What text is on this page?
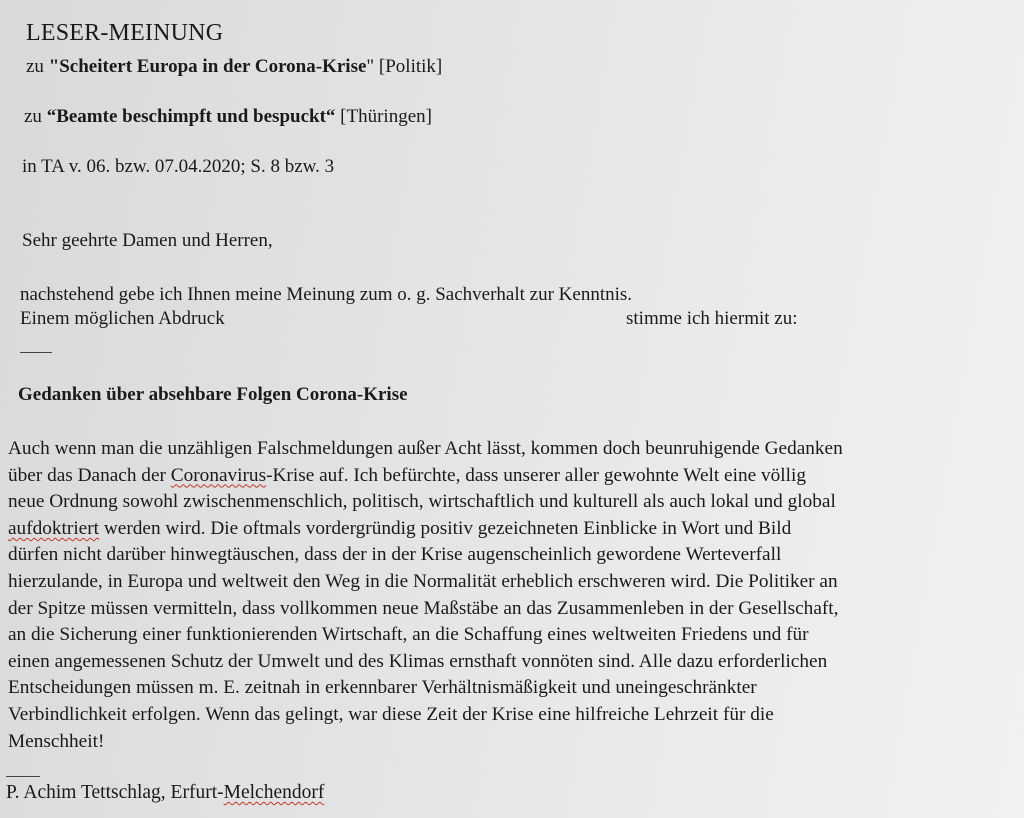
LESER-MEINUNG
zu "Scheitert Europa in der Corona-Krise" [Politik]
zu “Beamte beschimpft und bespuckt“ [Thüringen]
in TA v. 06. bzw. 07.04.2020; S. 8 bzw. 3
Sehr geehrte Damen und Herren,
nachstehend gebe ich Ihnen meine Meinung zum o. g. Sachverhalt zur Kenntnis.
Einem möglichen Abdruck	stimme ich hiermit zu:
Gedanken über absehbare Folgen Corona-Krise
Auch wenn man die unzähligen Falschmeldungen außer Acht lässt, kommen doch beunruhigende Gedanken
über das Danach der Coronavirus-Krise auf. Ich befürchte, dass unserer aller gewohnte Welt eine völlig
neue Ordnung sowohl zwischenmenschlich, politisch, wirtschaftlich und kulturell als auch lokal und global
aufdoktriert werden wird. Die oftmals vordergründig positiv gezeichneten Einblicke in Wort und Bild
dürfen nicht darüber hinwegtäuschen, dass der in der Krise augenscheinlich gewordene Werteverfall
hierzulande, in Europa und weltweit den Weg in die Normalität erheblich erschweren wird. Die Politiker an
der Spitze müssen vermitteln, dass vollkommen neue Maßstäbe an das Zusammenleben in der Gesellschaft,
an die Sicherung einer funktionierenden Wirtschaft, an die Schaffung eines weltweiten Friedens und für
einen angemessenen Schutz der Umwelt und des Klimas ernsthaft vonnöten sind. Alle dazu erforderlichen
Entscheidungen müssen m. E. zeitnah in erkennbarer Verhältnismäßigkeit und uneingeschränkter
Verbindlichkeit erfolgen. Wenn das gelingt, war diese Zeit der Krise eine hilfreiche Lehrzeit für die
Menschheit!
P. Achim Tettschlag, Erfurt-Melchendorf
